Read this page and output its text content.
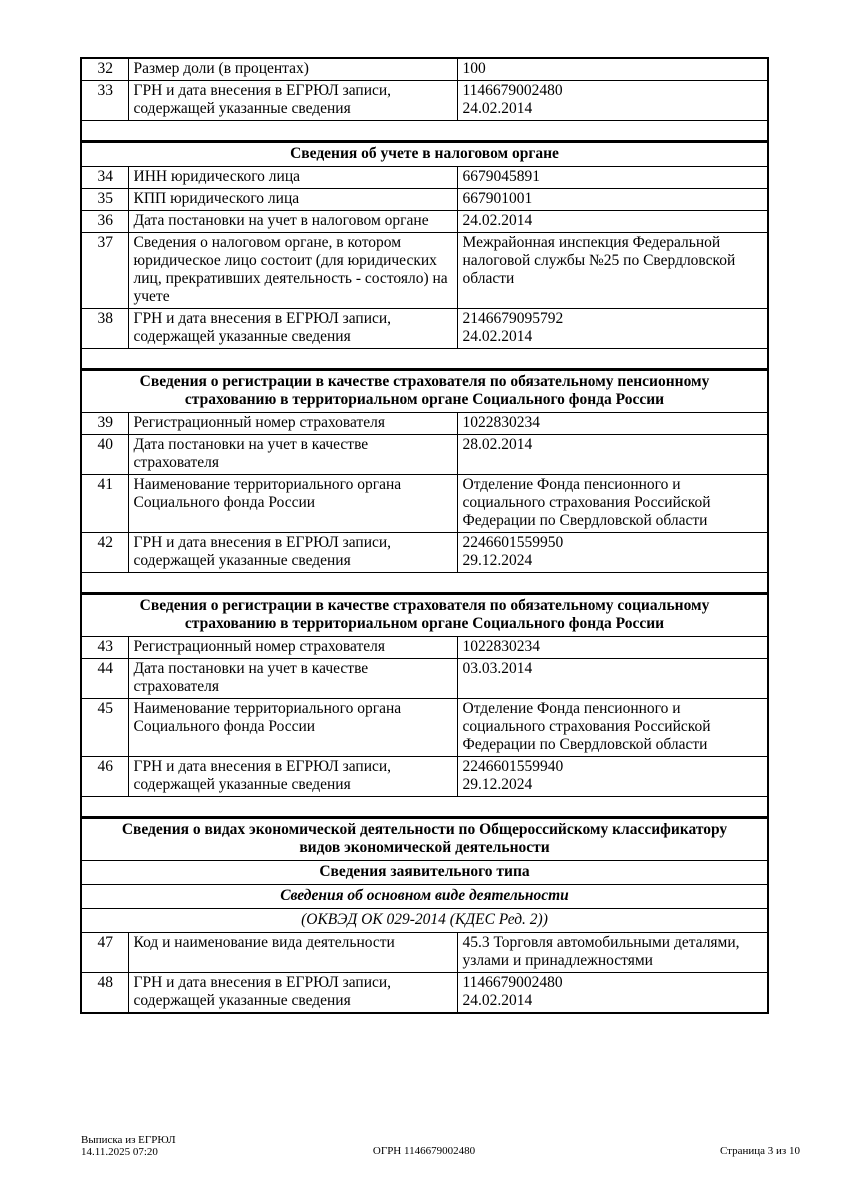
32	Размер доли (в процентах)	100

33	ГРН и дата внесения в ЕГРЮЛ записи, содержащей указанные сведения	1146679002480
24.02.2014

Сведения об учете в налоговом органе		

34	ИНН юридического лица	6679045891

35	КПП юридического лица	667901001

36	Дата постановки на учет в налоговом органе	24.02.2014

37	Сведения о налоговом органе, в котором юридическое лицо состоит (для юридических лиц, прекративших деятельность - состояло) на учете	Межрайонная инспекция Федеральной налоговой службы №25 по Свердловской области

38	ГРН и дата внесения в ЕГРЮЛ записи, содержащей указанные сведения	2146679095792
24.02.2014

Сведения о регистрации в качестве страхователя по обязательному пенсионному
страхованию в территориальном органе Социального фонда России		

39	Регистрационный номер страхователя	1022830234

40	Дата постановки на учет в качестве страхователя	28.02.2014

41	Наименование территориального органа Социального фонда России	Отделение Фонда пенсионного и социального страхования Российской Федерации по Свердловской области

42	ГРН и дата внесения в ЕГРЮЛ записи, содержащей указанные сведения	2246601559950
29.12.2024

Сведения о регистрации в качестве страхователя по обязательному социальному
страхованию в территориальном органе Социального фонда России		

43	Регистрационный номер страхователя	1022830234

44	Дата постановки на учет в качестве страхователя	03.03.2014

45	Наименование территориального органа Социального фонда России	Отделение Фонда пенсионного и социального страхования Российской Федерации по Свердловской области

46	ГРН и дата внесения в ЕГРЮЛ записи, содержащей указанные сведения	2246601559940
29.12.2024

Сведения о видах экономической деятельности по Общероссийскому классификатору
видов экономической деятельности		

Сведения заявительного типа		

Сведения об основном виде деятельности		

(ОКВЭД ОК 029-2014 (КДЕС Ред. 2))		

47	Код и наименование вида деятельности	45.3 Торговля автомобильными деталями, узлами и принадлежностями

48	ГРН и дата внесения в ЕГРЮЛ записи, содержащей указанные сведения	1146679002480
24.02.2014
Выписка из ЕГРЮЛ
14.11.2025 07:20	ОГРН 1146679002480	Страница 3 из 10
